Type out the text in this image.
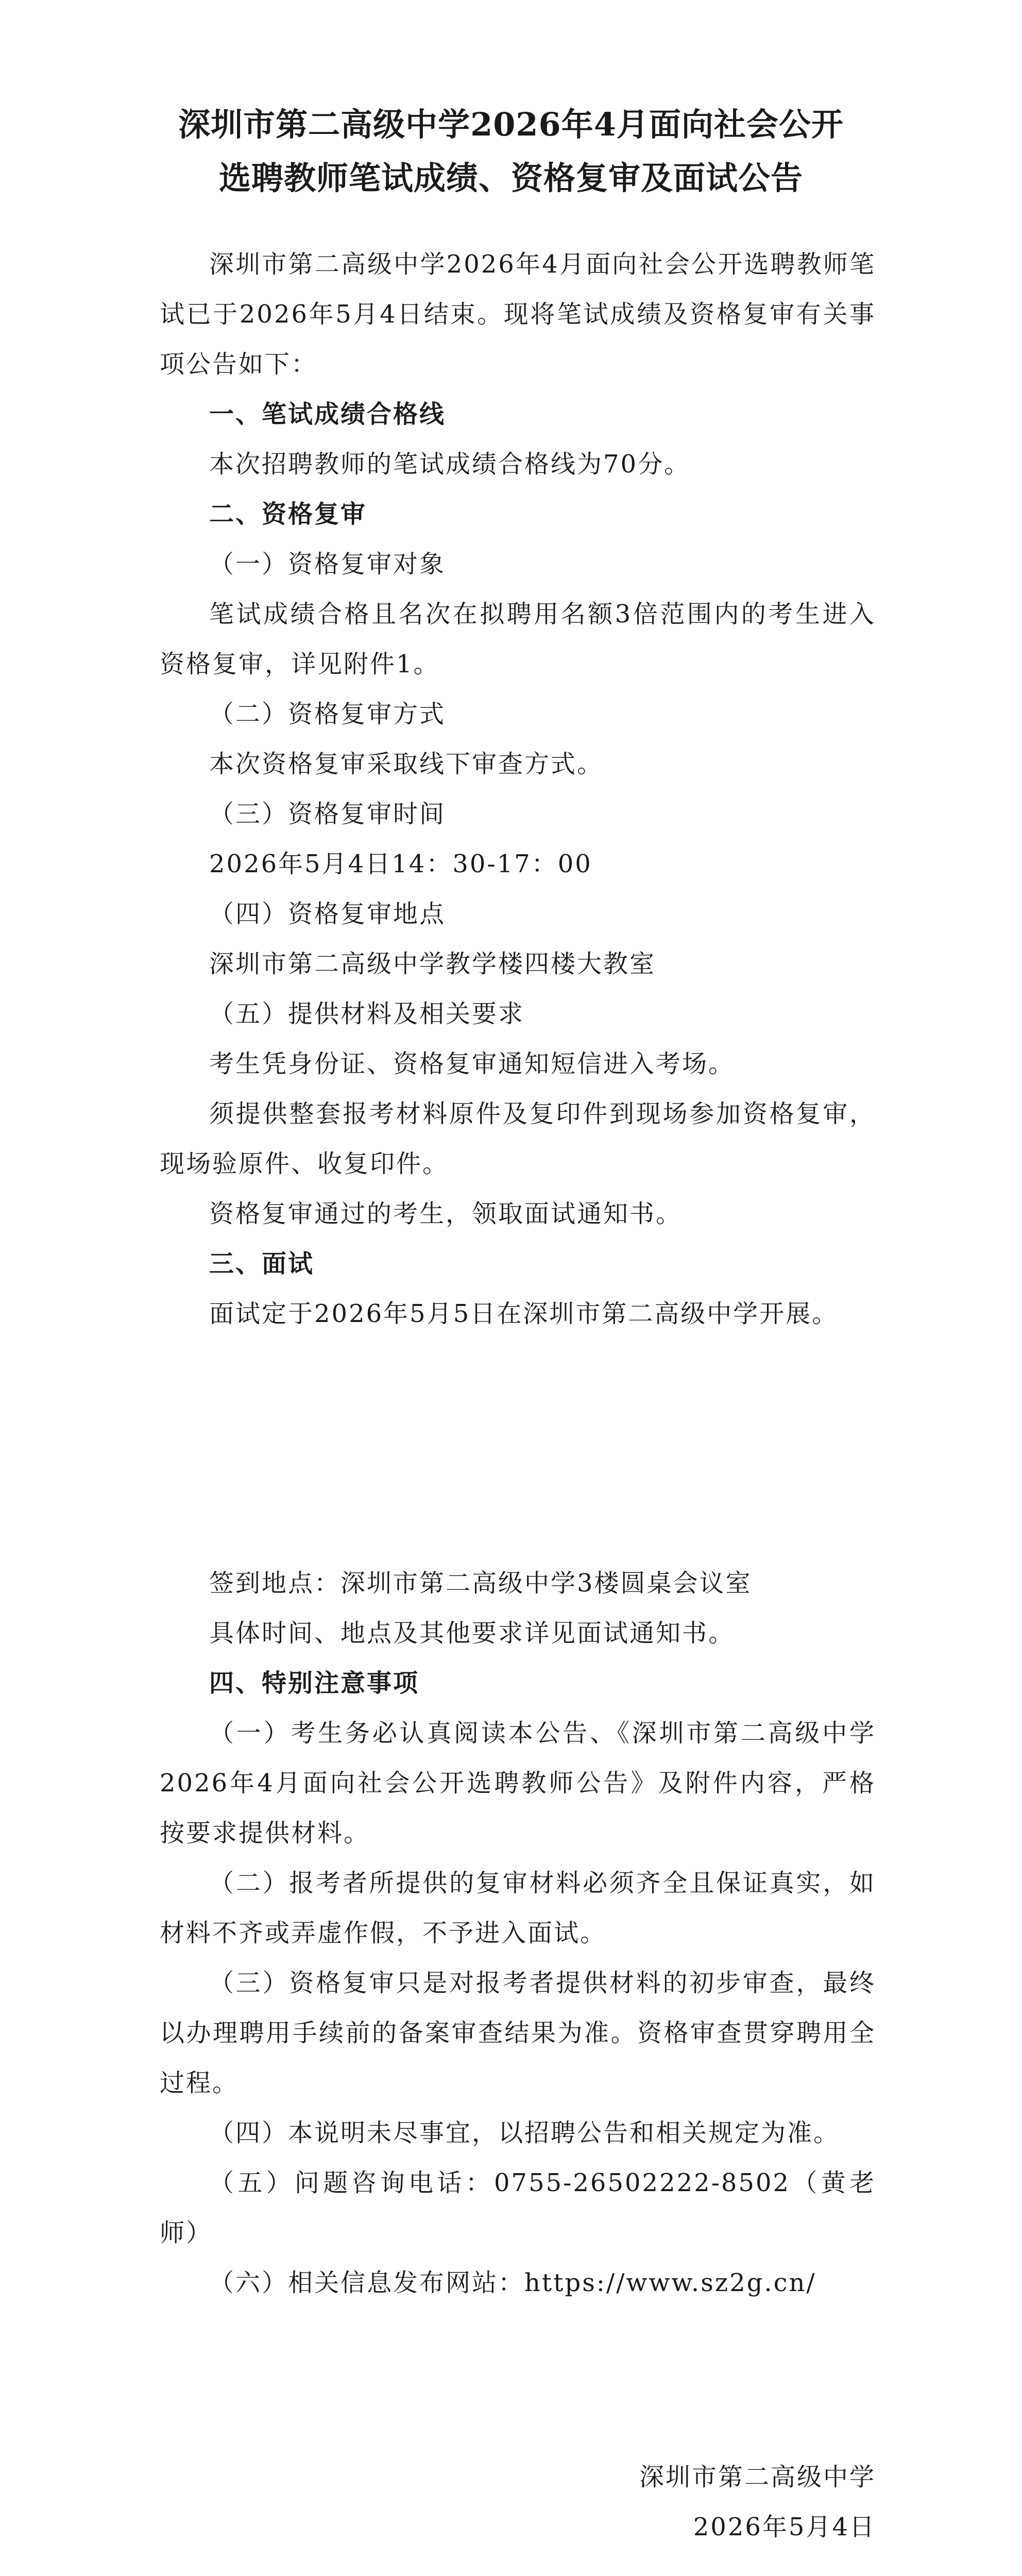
深圳市第二高级中学2026年4月面向社会公开
选聘教师笔试成绩、资格复审及面试公告

深圳市第二高级中学2026年4月面向社会公开选聘教师笔试已于2026年5月4日结束。现将笔试成绩及资格复审有关事项公告如下：

一、笔试成绩合格线

本次招聘教师的笔试成绩合格线为70分。

二、资格复审

（一）资格复审对象

笔试成绩合格且名次在拟聘用名额3倍范围内的考生进入资格复审，详见附件1。

（二）资格复审方式

本次资格复审采取线下审查方式。

（三）资格复审时间

2026年5月4日14：30-17：00

（四）资格复审地点

深圳市第二高级中学教学楼四楼大教室

（五）提供材料及相关要求

考生凭身份证、资格复审通知短信进入考场。

须提供整套报考材料原件及复印件到现场参加资格复审，现场验原件、收复印件。

资格复审通过的考生，领取面试通知书。

三、面试

面试定于2026年5月5日在深圳市第二高级中学开展。

签到地点：深圳市第二高级中学3楼圆桌会议室

具体时间、地点及其他要求详见面试通知书。

四、特别注意事项

（一）考生务必认真阅读本公告、《深圳市第二高级中学2026年4月面向社会公开选聘教师公告》及附件内容，严格按要求提供材料。

（二）报考者所提供的复审材料必须齐全且保证真实，如材料不齐或弄虚作假，不予进入面试。

（三）资格复审只是对报考者提供材料的初步审查，最终以办理聘用手续前的备案审查结果为准。资格审查贯穿聘用全过程。

（四）本说明未尽事宜，以招聘公告和相关规定为准。

（五）问题咨询电话：0755-26502222-8502（黄老师）

（六）相关信息发布网站：https://www.sz2g.cn/

深圳市第二高级中学

2026年5月4日
